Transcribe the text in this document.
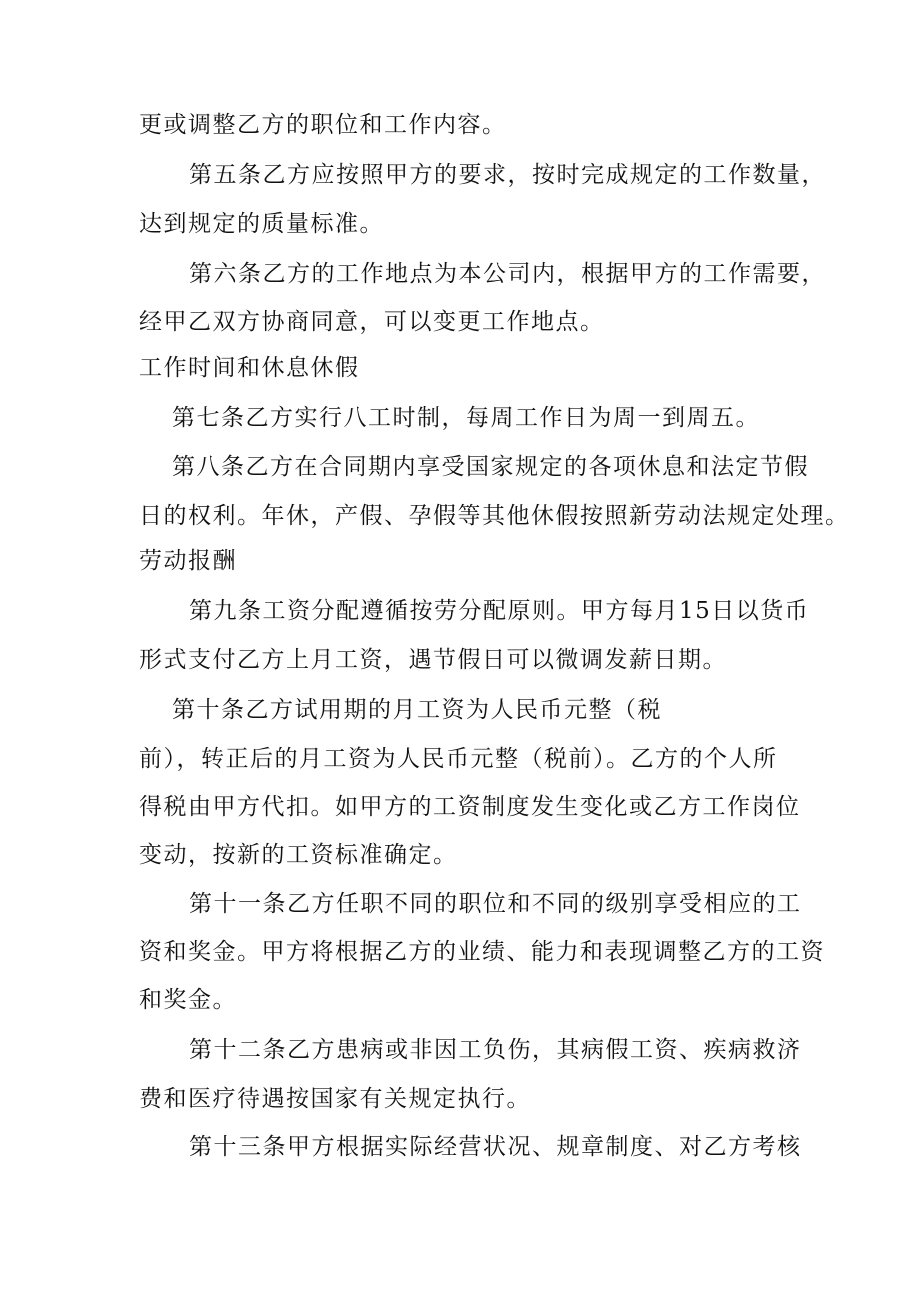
更或调整乙方的职位和工作内容。
第五条乙方应按照甲方的要求，按时完成规定的工作数量，
达到规定的质量标准。
第六条乙方的工作地点为本公司内，根据甲方的工作需要，
经甲乙双方协商同意，可以变更工作地点。
工作时间和休息休假
第七条乙方实行八工时制，每周工作日为周一到周五。
第八条乙方在合同期内享受国家规定的各项休息和法定节假
日的权利。年休，产假、孕假等其他休假按照新劳动法规定处理。
劳动报酬
第九条工资分配遵循按劳分配原则。甲方每月15日以货币
形式支付乙方上月工资，遇节假日可以微调发薪日期。
第十条乙方试用期的月工资为人民币元整（税
前），转正后的月工资为人民币元整（税前）。乙方的个人所
得税由甲方代扣。如甲方的工资制度发生变化或乙方工作岗位
变动，按新的工资标准确定。
第十一条乙方任职不同的职位和不同的级别享受相应的工
资和奖金。甲方将根据乙方的业绩、能力和表现调整乙方的工资
和奖金。
第十二条乙方患病或非因工负伤，其病假工资、疾病救济
费和医疗待遇按国家有关规定执行。
第十三条甲方根据实际经营状况、规章制度、对乙方考核
